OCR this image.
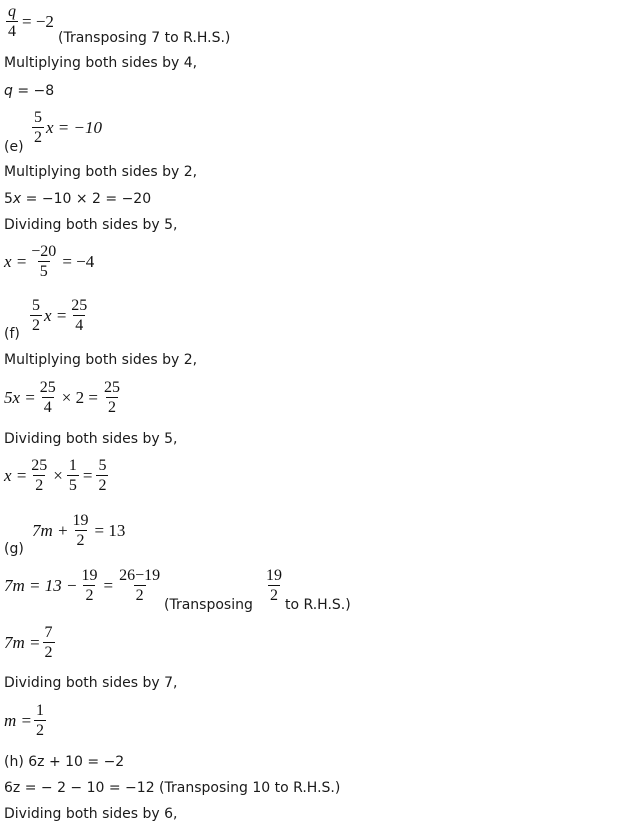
$\frac{q}{4} = -2$
(Transposing 7 to R.H.S.)
Multiplying both sides by 4,
q = −8
$(e) \frac{5}{2}$ x = −10
Multiplying both sides by 2,
5x = −10 × 2 = −20
Dividing both sides by 5,
$x = \frac{-20}{5} = -4$
$(f) \frac{5}{2}$ $x = \frac{25}{4}$
Multiplying both sides by 2,
$5x = \frac{25}{4} \times 2 = \frac{25}{2}$
Dividing both sides by 5,
$x = \frac{25}{2} \times \frac{1}{5} = \frac{5}{2}$
(g)
$7m + \frac{19}{2} = 13$
$7m = 13 - \frac{19}{2} = \frac{26-19}{2}$ (Transposing $\frac{19}{2}$ to R.H.S.)
$7m = \frac{7}{2}$
Dividing both sides by 7,
$m = \frac{1}{2}$
(h) 6z + 10 = −2
6z = − 2 − 10 = −12 (Transposing 10 to R.H.S.)
Dividing both sides by 6,
